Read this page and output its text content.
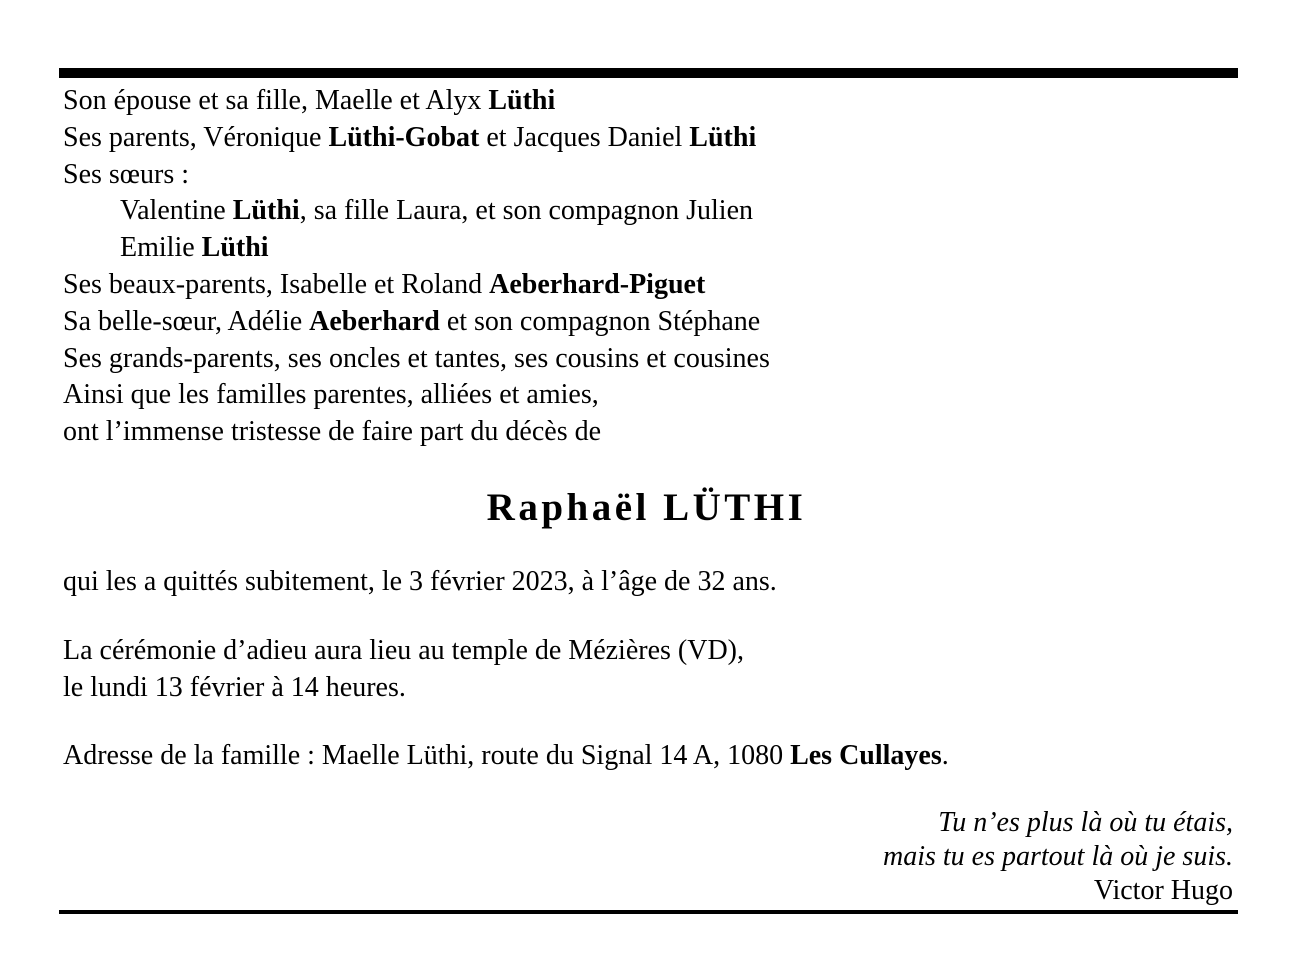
Son épouse et sa fille, Maelle et Alyx Lüthi
Ses parents, Véronique Lüthi-Gobat et Jacques Daniel Lüthi
Ses sœurs :
Valentine Lüthi, sa fille Laura, et son compagnon Julien
Emilie Lüthi
Ses beaux-parents, Isabelle et Roland Aeberhard-Piguet
Sa belle-sœur, Adélie Aeberhard et son compagnon Stéphane
Ses grands-parents, ses oncles et tantes, ses cousins et cousines
Ainsi que les familles parentes, alliées et amies,
ont l’immense tristesse de faire part du décès de
Raphaël LÜTHI
qui les a quittés subitement, le 3 février 2023, à l’âge de 32 ans.
La cérémonie d’adieu aura lieu au temple de Mézières (VD),
le lundi 13 février à 14 heures.
Adresse de la famille : Maelle Lüthi, route du Signal 14 A, 1080 Les Cullayes.
Tu n’es plus là où tu étais,
mais tu es partout là où je suis.
Victor Hugo
